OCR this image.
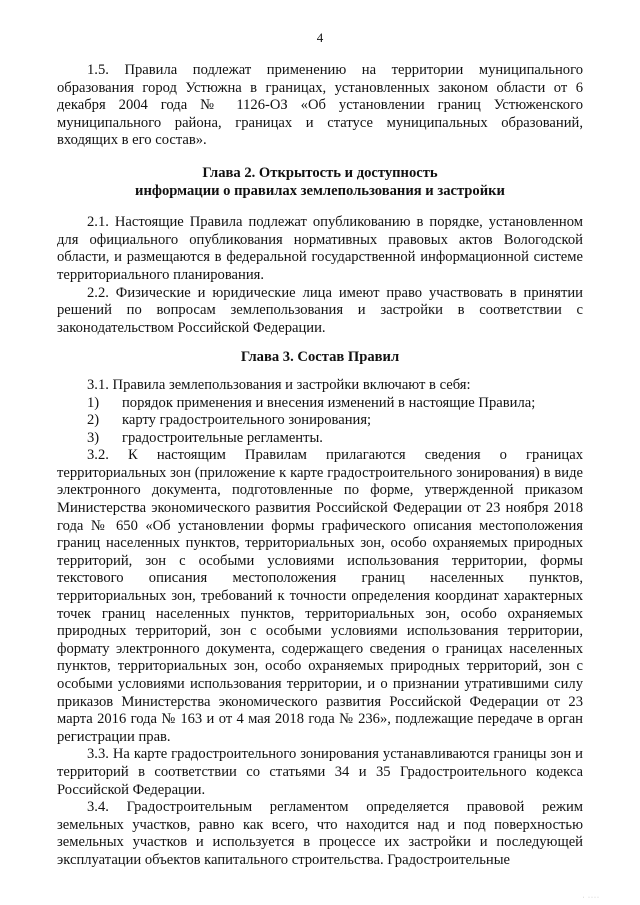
4

1.5. Правила подлежат применению на территории муниципального образования город Устюжна в границах, установленных законом области от 6 декабря 2004 года № 1126-ОЗ «Об установлении границ Устюженского муниципального района, границах и статусе муниципальных образований, входящих в его состав».

Глава 2. Открытость и доступность
информации о правилах землепользования и застройки

2.1. Настоящие Правила подлежат опубликованию в порядке, установленном для официального опубликования нормативных правовых актов Вологодской области, и размещаются в федеральной государственной информационной системе территориального планирования.

2.2. Физические и юридические лица имеют право участвовать в принятии решений по вопросам землепользования и застройки в соответствии с законодательством Российской Федерации.

Глава 3. Состав Правил

3.1. Правила землепользования и застройки включают в себя:

1)	порядок применения и внесения изменений в настоящие Правила;
2)	карту градостроительного зонирования;
3)	градостроительные регламенты.

3.2. К настоящим Правилам прилагаются сведения о границах территориальных зон (приложение к карте градостроительного зонирования) в виде электронного документа, подготовленные по форме, утвержденной приказом Министерства экономического развития Российской Федерации от 23 ноября 2018 года № 650 «Об установлении формы графического описания местоположения границ населенных пунктов, территориальных зон, особо охраняемых природных территорий, зон с особыми условиями использования территории, формы текстового описания местоположения границ населенных пунктов, территориальных зон, требований к точности определения координат характерных точек границ населенных пунктов, территориальных зон, особо охраняемых природных территорий, зон с особыми условиями использования территории, формату электронного документа, содержащего сведения о границах населенных пунктов, территориальных зон, особо охраняемых природных территорий, зон с особыми условиями использования территории, и о признании утратившими силу приказов Министерства экономического развития Российской Федерации от 23 марта 2016 года № 163 и от 4 мая 2018 года № 236», подлежащие передаче в орган регистрации прав.

3.3. На карте градостроительного зонирования устанавливаются границы зон и территорий в соответствии со статьями 34 и 35 Градостроительного кодекса Российской Федерации.

3.4. Градостроительным регламентом определяется правовой режим земельных участков, равно как всего, что находится над и под поверхностью земельных участков и используется в процессе их застройки и последующей эксплуатации объектов капитального строительства. Градостроительные

· ····
